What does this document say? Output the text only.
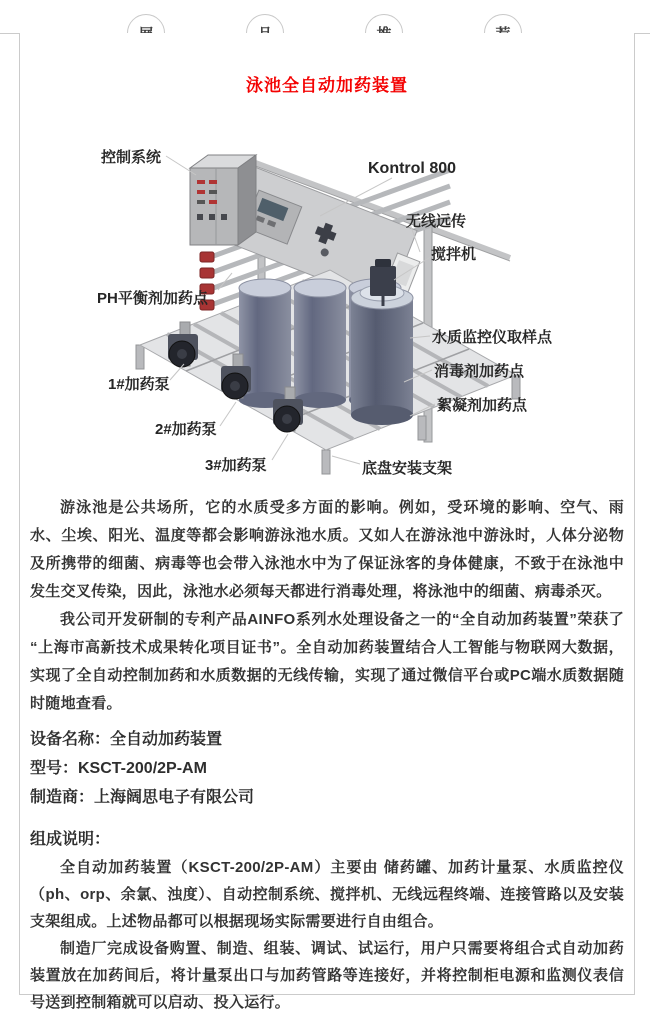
泳池全自动加药装置
控制系统
Kontrol 800
无线远传
搅拌机
PH平衡剂加药点
水质监控仪取样点
消毒剂加药点
絮凝剂加药点
1#加药泵
2#加药泵
3#加药泵	底盘安装支架

游泳池是公共场所，它的水质受多方面的影响。例如，受环境的影响、空气、雨水、尘埃、阳光、温度等都会影响游泳池水质。又如人在游泳池中游泳时，人体分泌物及所携带的细菌、病毒等也会带入泳池水中为了保证泳客的身体健康，不致于在泳池中发生交叉传染，因此，泳池水必须每天都进行消毒处理，将泳池中的细菌、病毒杀灭。

我公司开发研制的专利产品AINFO系列水处理设备之一的“全自动加药装置”荣获了“上海市高新技术成果转化项目证书”。全自动加药装置结合人工智能与物联网大数据，实现了全自动控制加药和水质数据的无线传输，实现了通过微信平台或PC端水质数据随时随地查看。

设备名称：全自动加药装置

型号：KSCT-200/2P-AM

制造商：上海阔思电子有限公司

组成说明：

全自动加药装置（KSCT-200/2P-AM）主要由 储药罐、加药计量泵、水质监控仪（ph、orp、余氯、浊度）、自动控制系统、搅拌机、无线远程终端、连接管路以及安装支架组成。上述物品都可以根据现场实际需要进行自由组合。

制造厂完成设备购置、制造、组装、调试、试运行，用户只需要将组合式自动加药装置放在加药间后，将计量泵出口与加药管路等连接好，并将控制柜电源和监测仪表信号送到控制箱就可以启动、投入运行。
